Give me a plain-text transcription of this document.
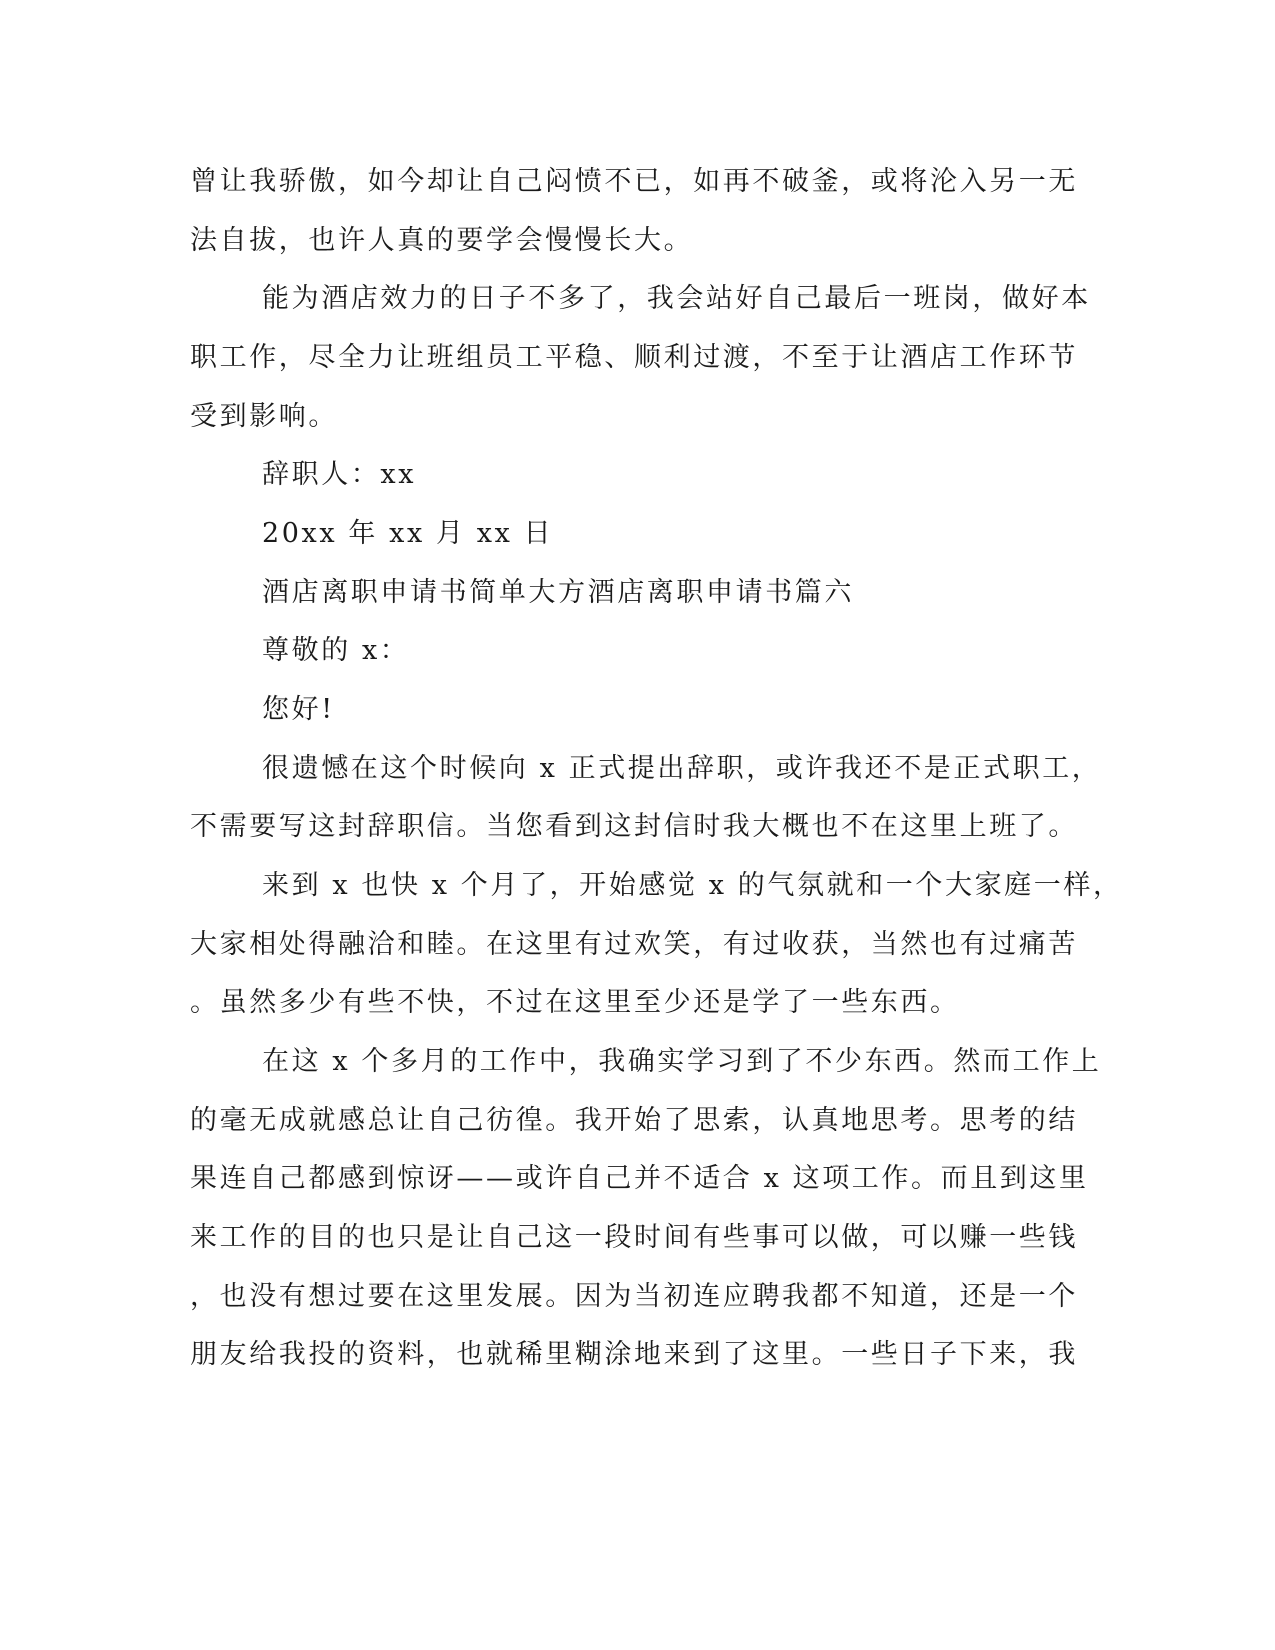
曾让我骄傲，如今却让自己闷愤不已，如再不破釜，或将沦入另一无
法自拔，也许人真的要学会慢慢长大。
能为酒店效力的日子不多了，我会站好自己最后一班岗，做好本
职工作，尽全力让班组员工平稳、顺利过渡，不至于让酒店工作环节
受到影响。
辞职人：xx
20xx 年 xx 月 xx 日
酒店离职申请书简单大方酒店离职申请书篇六
尊敬的 x：
您好!
很遗憾在这个时候向 x 正式提出辞职，或许我还不是正式职工，
不需要写这封辞职信。当您看到这封信时我大概也不在这里上班了。
来到 x 也快 x 个月了，开始感觉 x 的气氛就和一个大家庭一样，
大家相处得融洽和睦。在这里有过欢笑，有过收获，当然也有过痛苦
。虽然多少有些不快，不过在这里至少还是学了一些东西。
在这 x 个多月的工作中，我确实学习到了不少东西。然而工作上
的毫无成就感总让自己彷徨。我开始了思索，认真地思考。思考的结
果连自己都感到惊讶——或许自己并不适合 x 这项工作。而且到这里
来工作的目的也只是让自己这一段时间有些事可以做，可以赚一些钱
，也没有想过要在这里发展。因为当初连应聘我都不知道，还是一个
朋友给我投的资料，也就稀里糊涂地来到了这里。一些日子下来，我
